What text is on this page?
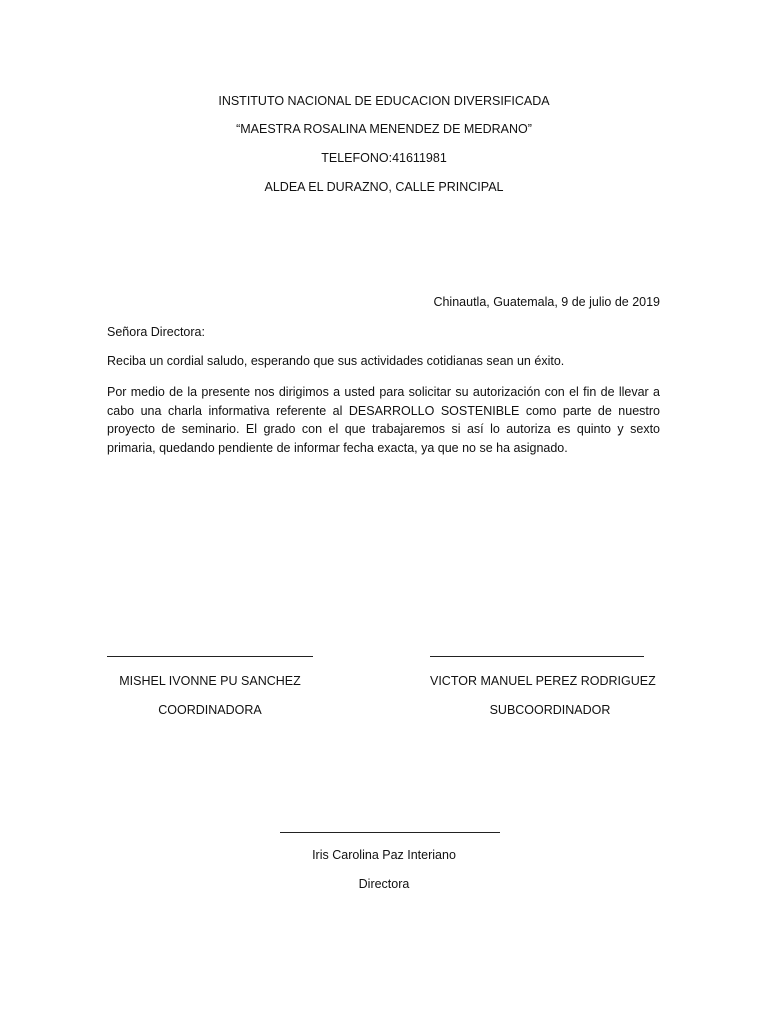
INSTITUTO NACIONAL DE EDUCACION DIVERSIFICADA
“MAESTRA ROSALINA MENENDEZ DE MEDRANO”
TELEFONO:41611981
ALDEA EL DURAZNO, CALLE PRINCIPAL
Chinautla, Guatemala, 9 de julio de 2019
Señora Directora:
Reciba un cordial saludo, esperando que sus actividades cotidianas sean un éxito.

Por medio de la presente nos dirigimos a usted para solicitar su autorización con el fin de llevar a cabo una charla informativa referente al DESARROLLO SOSTENIBLE como parte de nuestro proyecto de seminario. El grado con el que trabajaremos si así lo autoriza es quinto y sexto primaria, quedando pendiente de informar fecha exacta, ya que no se ha asignado.

MISHEL IVONNE PU SANCHEZ
COORDINADORA
VICTOR MANUEL PEREZ RODRIGUEZ
SUBCOORDINADOR
Iris Carolina Paz Interiano
Directora
